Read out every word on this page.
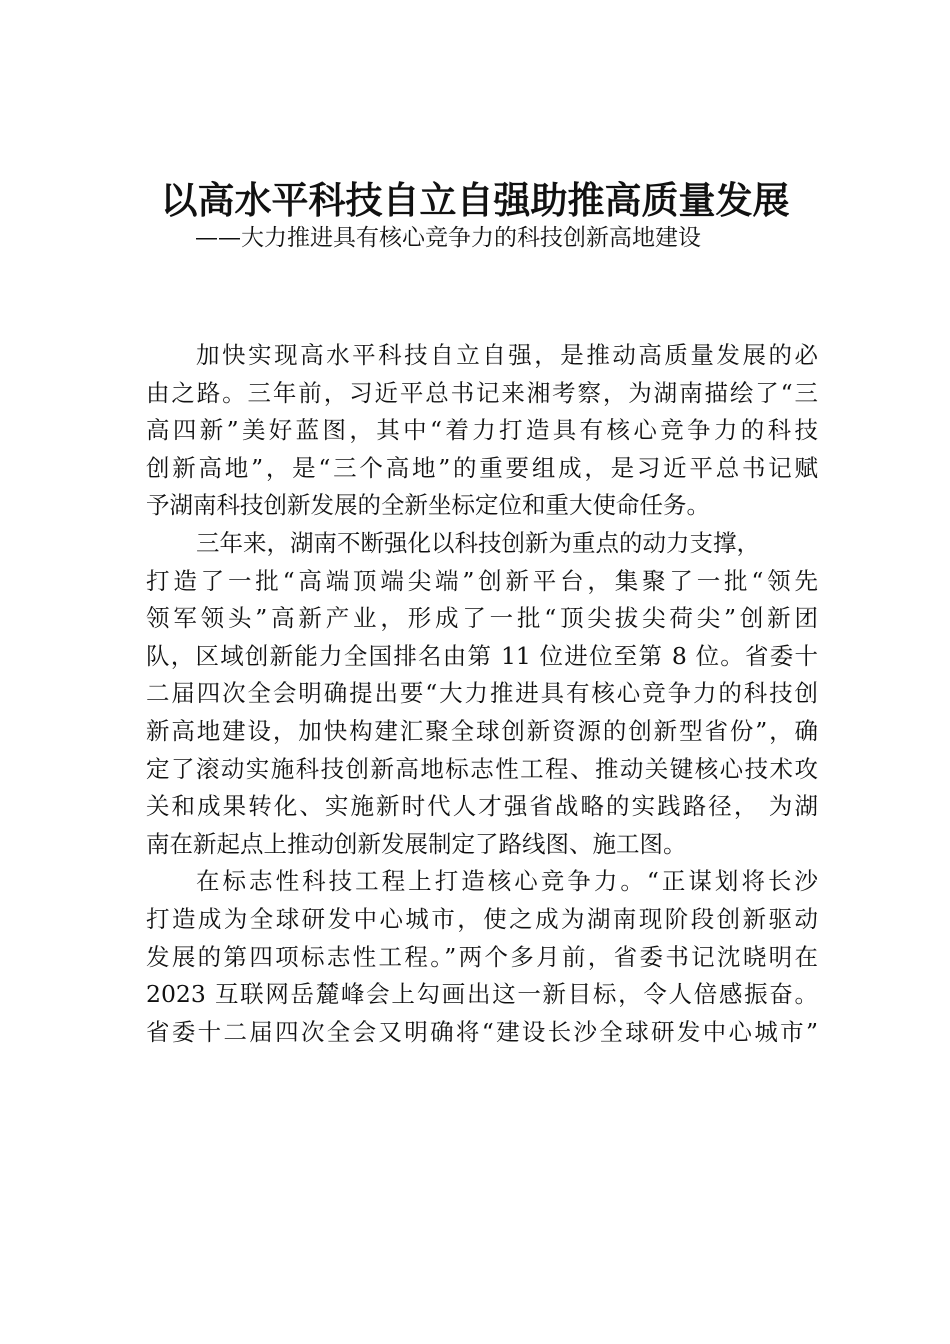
以高水平科技自立自强助推高质量发展

——大力推进具有核心竞争力的科技创新高地建设

加快实现高水平科技自立自强，是推动高质量发展的必
由之路。三年前，习近平总书记来湘考察，为湖南描绘了“三
高四新”美好蓝图，其中“着力打造具有核心竞争力的科技
创新高地”，是“三个高地”的重要组成，是习近平总书记赋
予湖南科技创新发展的全新坐标定位和重大使命任务。
三年来，湖南不断强化以科技创新为重点的动力支撑，
打造了一批“高端顶端尖端”创新平台，集聚了一批“领先
领军领头”高新产业，形成了一批“顶尖拔尖荷尖”创新团
队，区域创新能力全国排名由第 11 位进位至第 8 位。省委十
二届四次全会明确提出要“大力推进具有核心竞争力的科技创
新高地建设，加快构建汇聚全球创新资源的创新型省份”，确
定了滚动实施科技创新高地标志性工程、推动关键核心技术攻
关和成果转化、实施新时代人才强省战略的实践路径， 为湖
南在新起点上推动创新发展制定了路线图、施工图。
在标志性科技工程上打造核心竞争力。“正谋划将长沙
打造成为全球研发中心城市，使之成为湖南现阶段创新驱动
发展的第四项标志性工程。”两个多月前，省委书记沈晓明在
2023 互联网岳麓峰会上勾画出这一新目标，令人倍感振奋。
省委十二届四次全会又明确将“建设长沙全球研发中心城市”
